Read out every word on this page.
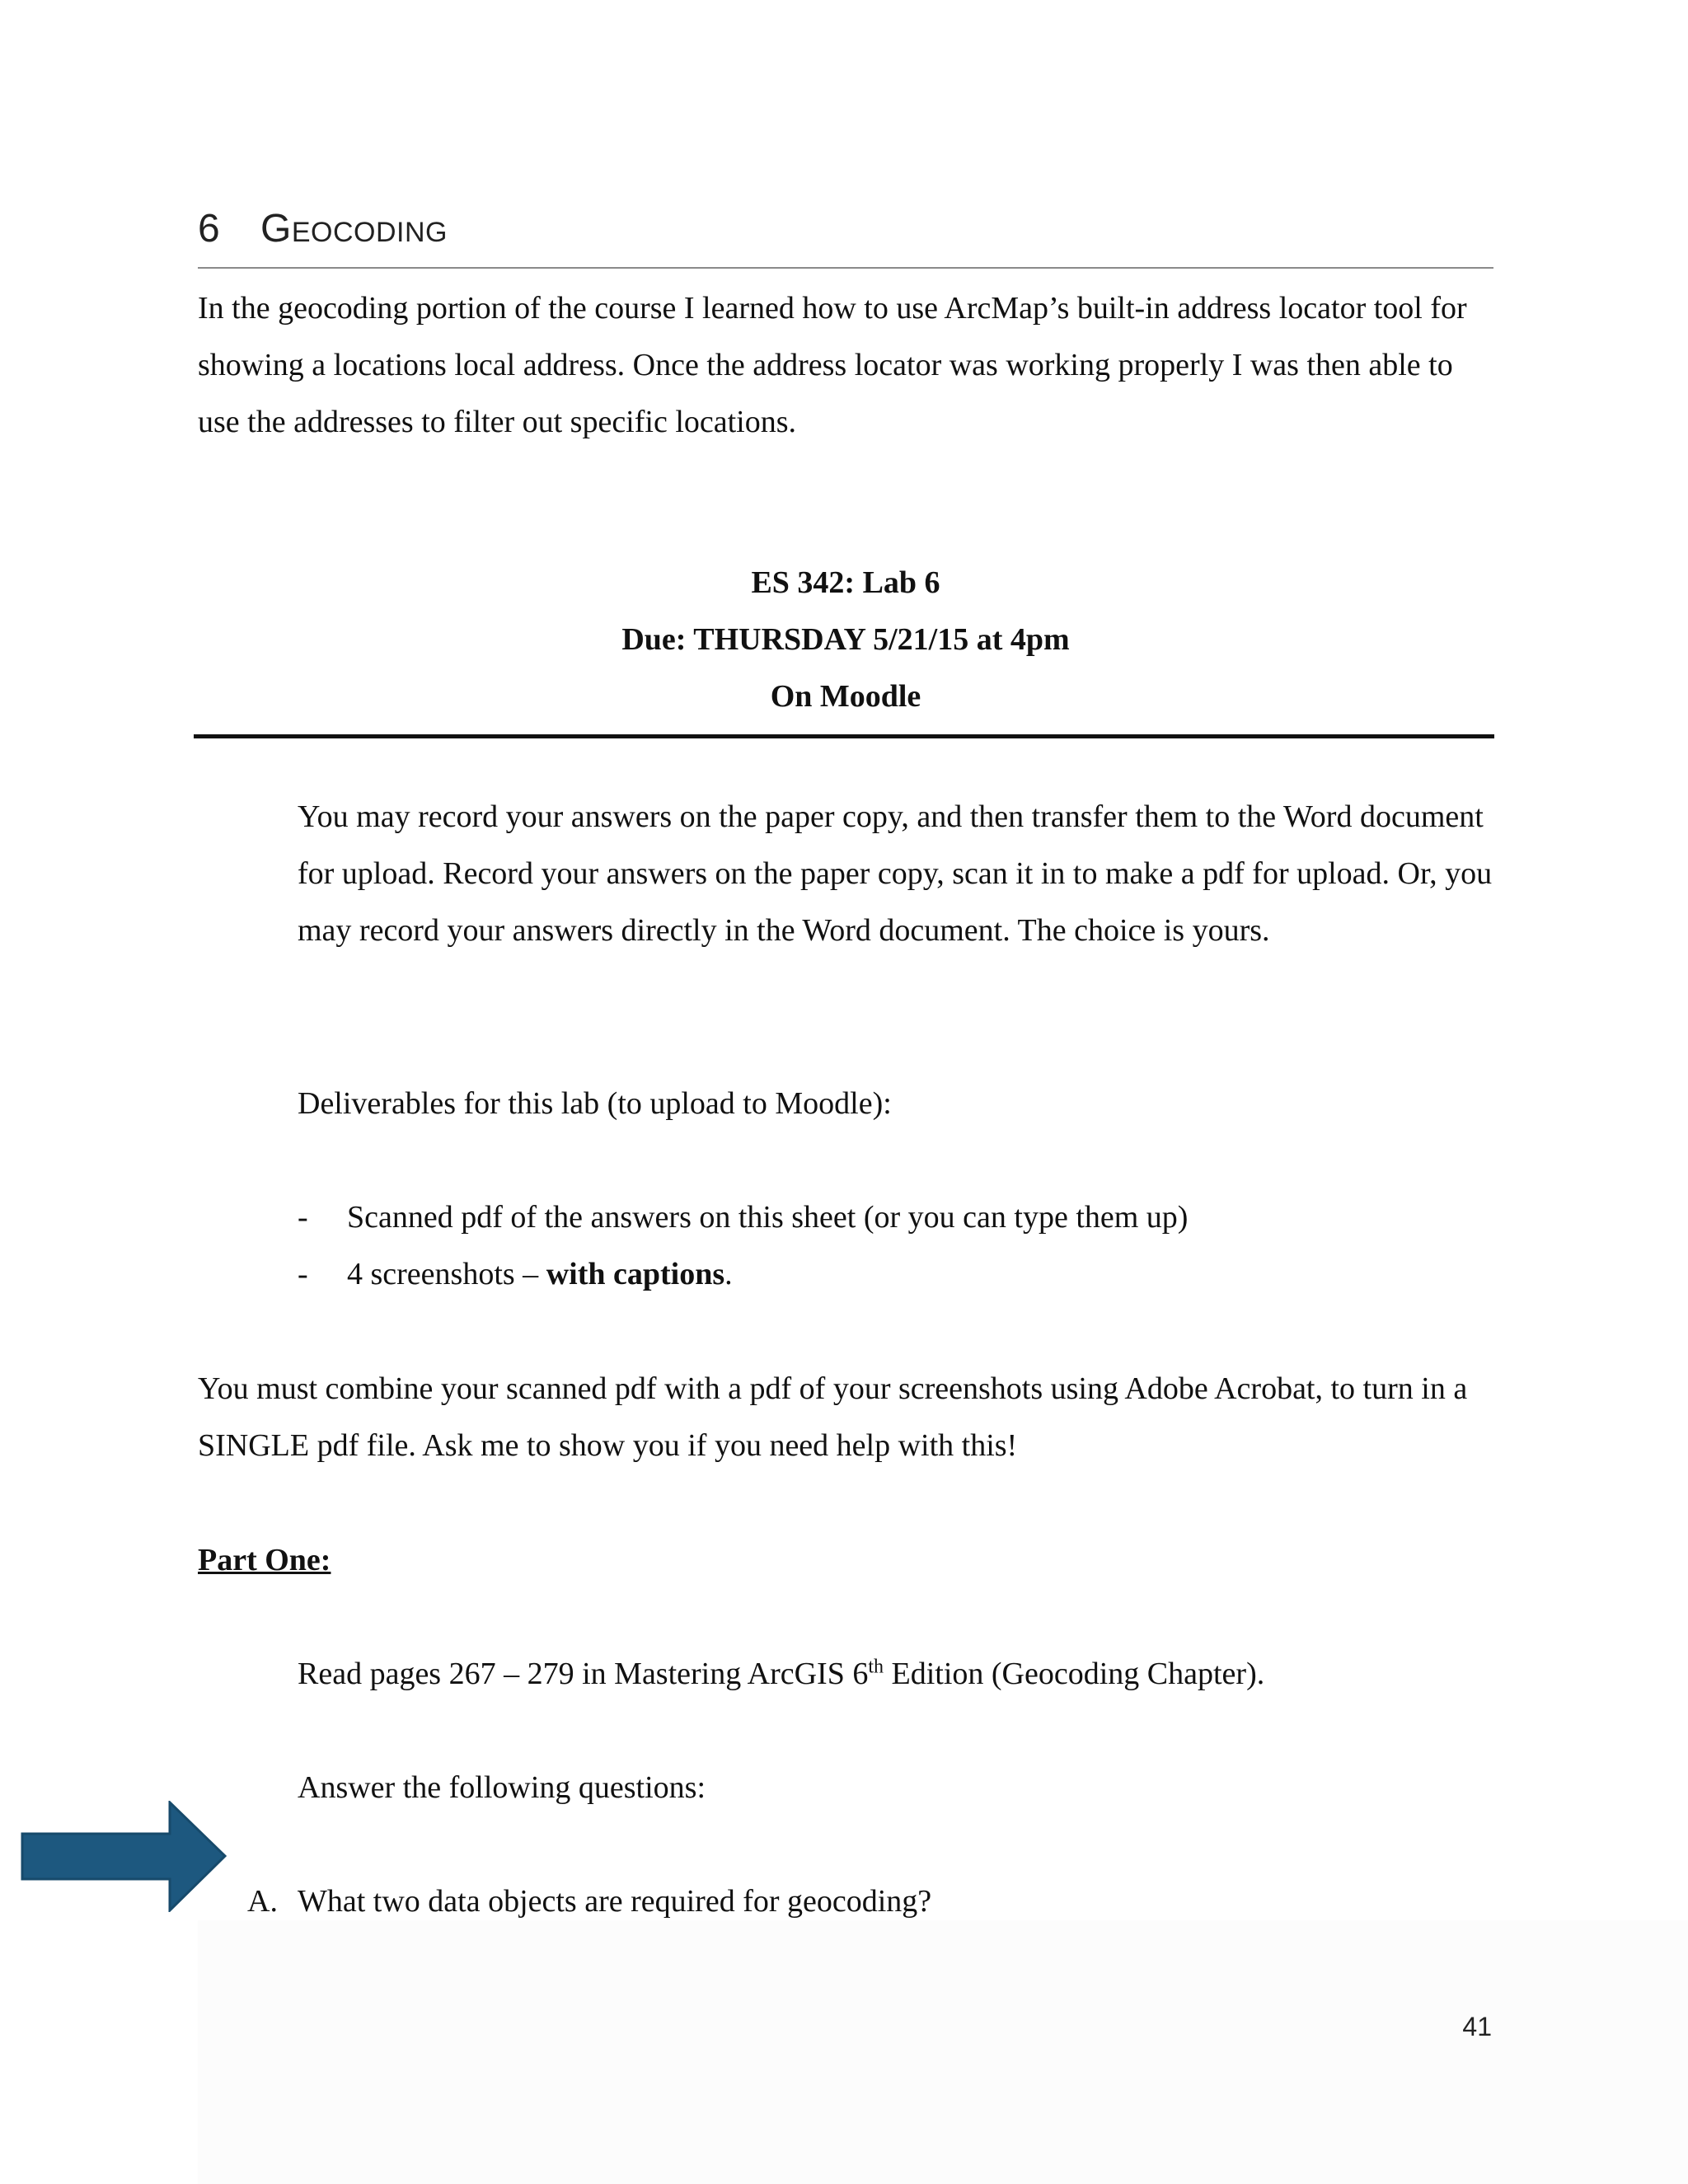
6 Geocoding

In the geocoding portion of the course I learned how to use ArcMap’s built-in address locator tool for showing a locations local address. Once the address locator was working properly I was then able to use the addresses to filter out specific locations.

ES 342: Lab 6
Due: THURSDAY 5/21/15 at 4pm
On Moodle

You may record your answers on the paper copy, and then transfer them to the Word document for upload. Record your answers on the paper copy, scan it in to make a pdf for upload. Or, you may record your answers directly in the Word document. The choice is yours.

Deliverables for this lab (to upload to Moodle):

- Scanned pdf of the answers on this sheet (or you can type them up)
- 4 screenshots – with captions.

You must combine your scanned pdf with a pdf of your screenshots using Adobe Acrobat, to turn in a SINGLE pdf file. Ask me to show you if you need help with this!

Part One:

Read pages 267 – 279 in Mastering ArcGIS 6th Edition (Geocoding Chapter).

Answer the following questions:

A. What two data objects are required for geocoding?

41
